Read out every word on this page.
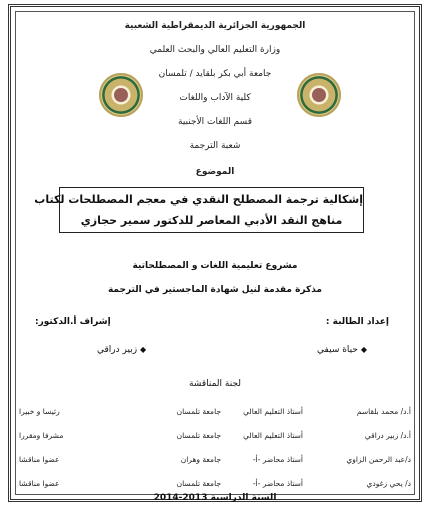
الجمهورية الجزائرية الديمقراطية الشعبية
وزارة التعليم العالي والبحث العلمي
جامعة أبي بكر بلقايد / تلمسان
كلية الآداب واللغات
قسم اللغات الأجنبية
شعبة الترجمة
الموضوع
إشكالية ترجمة المصطلح النقدي في معجم المصطلحات لكتاب
مناهج النقد الأدبي المعاصر للدكتور سمير حجازي
مشروع تعليمية اللغات و المصطلحاتية
مذكرة مقدمة لنيل شهادة الماجستير في الترجمة
إعداد الطالبة :
إشراف أ.الدكتور:
◆ حياة سيفي
◆ زبير دراقي
لجنة المناقشة
أ.د/ محمد بلقاسم
أستاذ التعليم العالي
جامعة تلمسان
رئيسا و خبيرا
أ.د/ زبير دراقي
أستاذ التعليم العالي
جامعة تلمسان
مشرفا ومقررا
د/عبد الرحمن الزاوي
أستاذ محاضر -أ-
جامعة وهران
عضوا مناقشا
د/ يحي زغودي
أستاذ محاضر -أ-
جامعة تلمسان
عضوا مناقشا
السنة الدراسية 2013-2014
